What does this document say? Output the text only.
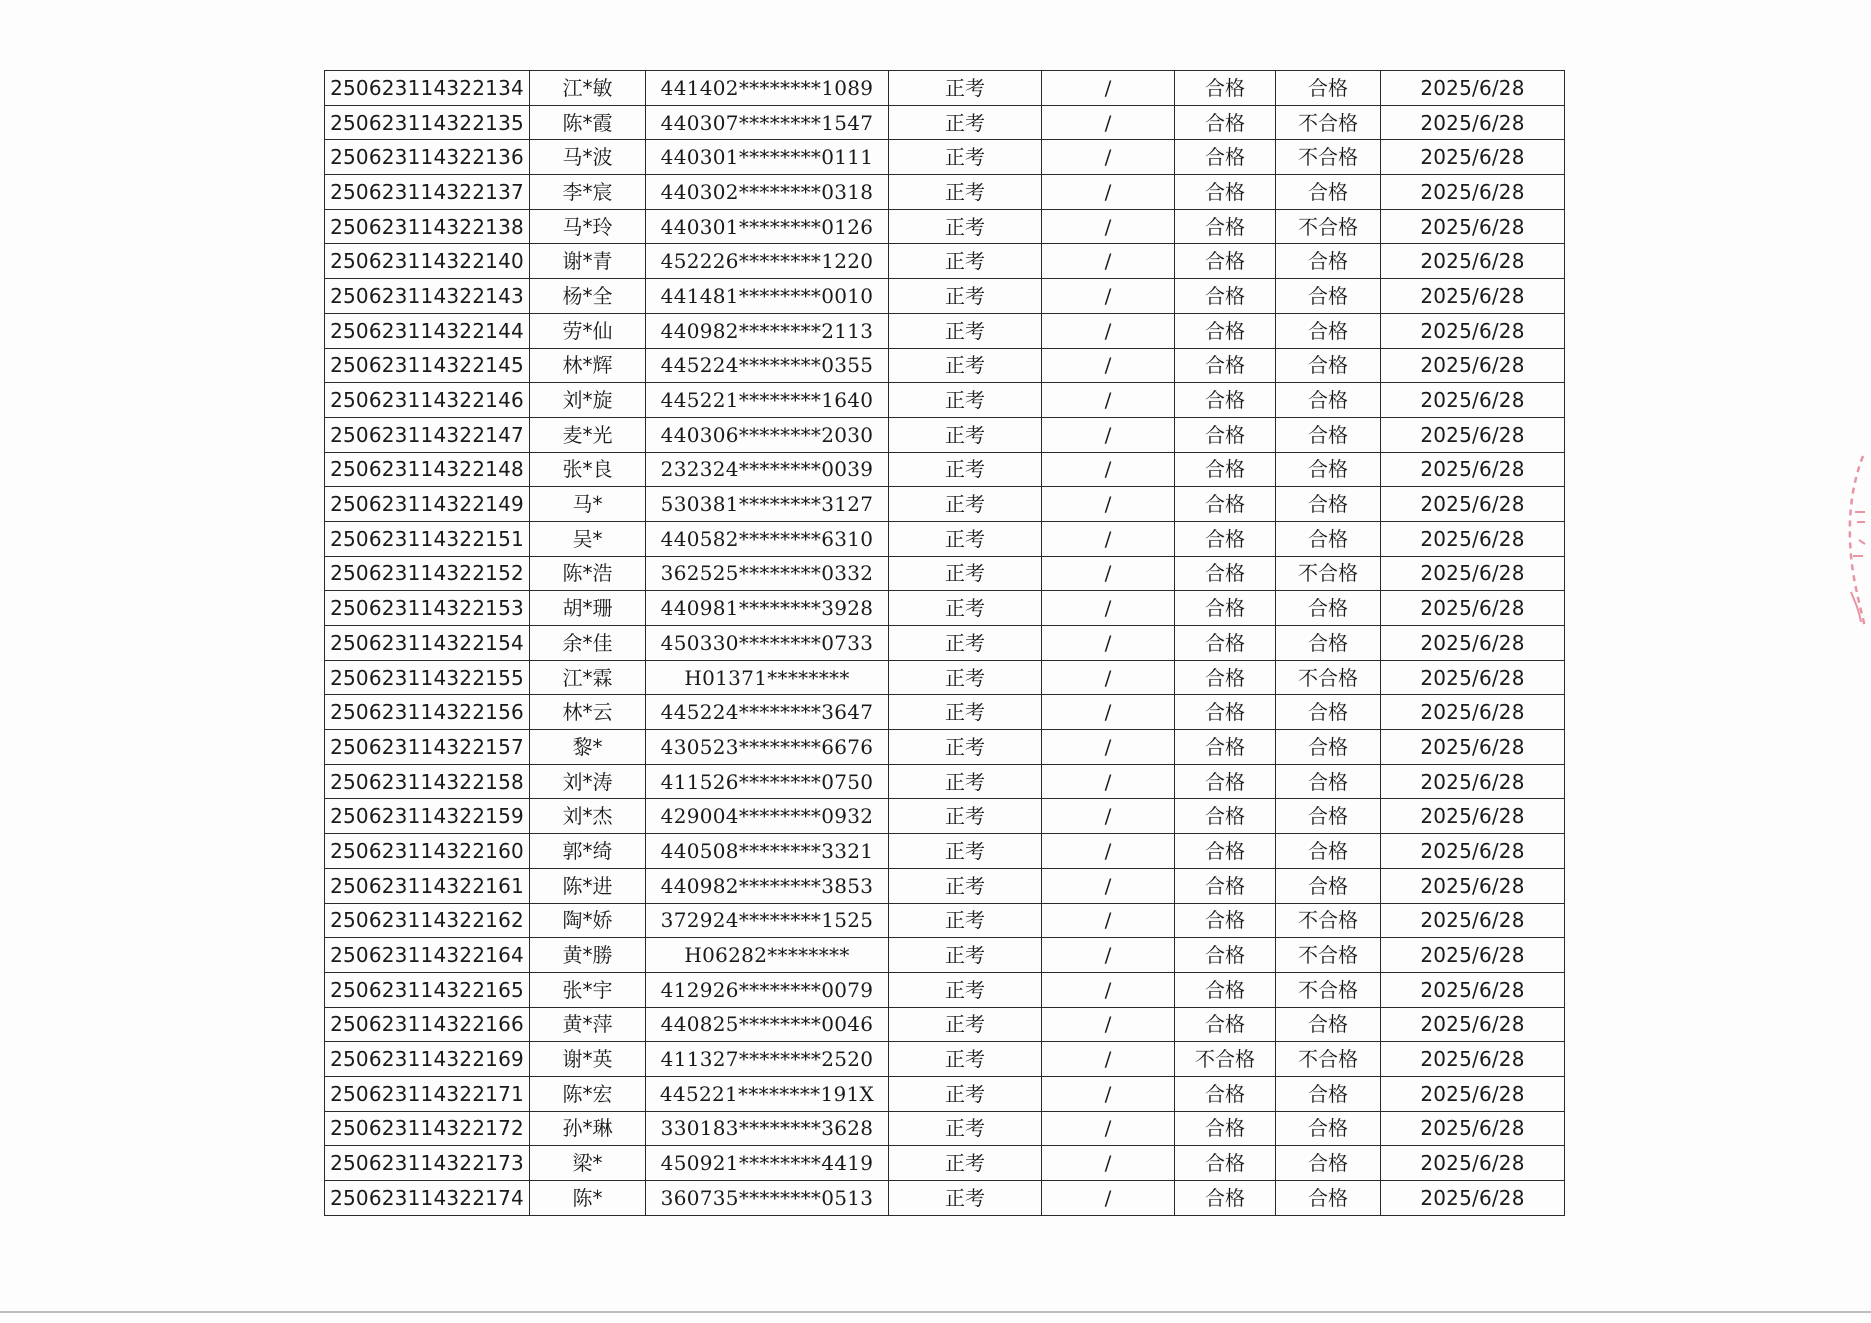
250623114322134	江*敏	441402********1089	正考	/	合格	合格	2025/6/28
250623114322135	陈*霞	440307********1547	正考	/	合格	不合格	2025/6/28
250623114322136	马*波	440301********0111	正考	/	合格	不合格	2025/6/28
250623114322137	李*宸	440302********0318	正考	/	合格	合格	2025/6/28
250623114322138	马*玲	440301********0126	正考	/	合格	不合格	2025/6/28
250623114322140	谢*青	452226********1220	正考	/	合格	合格	2025/6/28
250623114322143	杨*全	441481********0010	正考	/	合格	合格	2025/6/28
250623114322144	劳*仙	440982********2113	正考	/	合格	合格	2025/6/28
250623114322145	林*辉	445224********0355	正考	/	合格	合格	2025/6/28
250623114322146	刘*旋	445221********1640	正考	/	合格	合格	2025/6/28
250623114322147	麦*光	440306********2030	正考	/	合格	合格	2025/6/28
250623114322148	张*良	232324********0039	正考	/	合格	合格	2025/6/28
250623114322149	马*	530381********3127	正考	/	合格	合格	2025/6/28
250623114322151	吴*	440582********6310	正考	/	合格	合格	2025/6/28
250623114322152	陈*浩	362525********0332	正考	/	合格	不合格	2025/6/28
250623114322153	胡*珊	440981********3928	正考	/	合格	合格	2025/6/28
250623114322154	余*佳	450330********0733	正考	/	合格	合格	2025/6/28
250623114322155	江*霖	H01371********	正考	/	合格	不合格	2025/6/28
250623114322156	林*云	445224********3647	正考	/	合格	合格	2025/6/28
250623114322157	黎*	430523********6676	正考	/	合格	合格	2025/6/28
250623114322158	刘*涛	411526********0750	正考	/	合格	合格	2025/6/28
250623114322159	刘*杰	429004********0932	正考	/	合格	合格	2025/6/28
250623114322160	郭*绮	440508********3321	正考	/	合格	合格	2025/6/28
250623114322161	陈*进	440982********3853	正考	/	合格	合格	2025/6/28
250623114322162	陶*娇	372924********1525	正考	/	合格	不合格	2025/6/28
250623114322164	黄*勝	H06282********	正考	/	合格	不合格	2025/6/28
250623114322165	张*宇	412926********0079	正考	/	合格	不合格	2025/6/28
250623114322166	黄*萍	440825********0046	正考	/	合格	合格	2025/6/28
250623114322169	谢*英	411327********2520	正考	/	不合格	不合格	2025/6/28
250623114322171	陈*宏	445221********191X	正考	/	合格	合格	2025/6/28
250623114322172	孙*琳	330183********3628	正考	/	合格	合格	2025/6/28
250623114322173	梁*	450921********4419	正考	/	合格	合格	2025/6/28
250623114322174	陈*	360735********0513	正考	/	合格	合格	2025/6/28
